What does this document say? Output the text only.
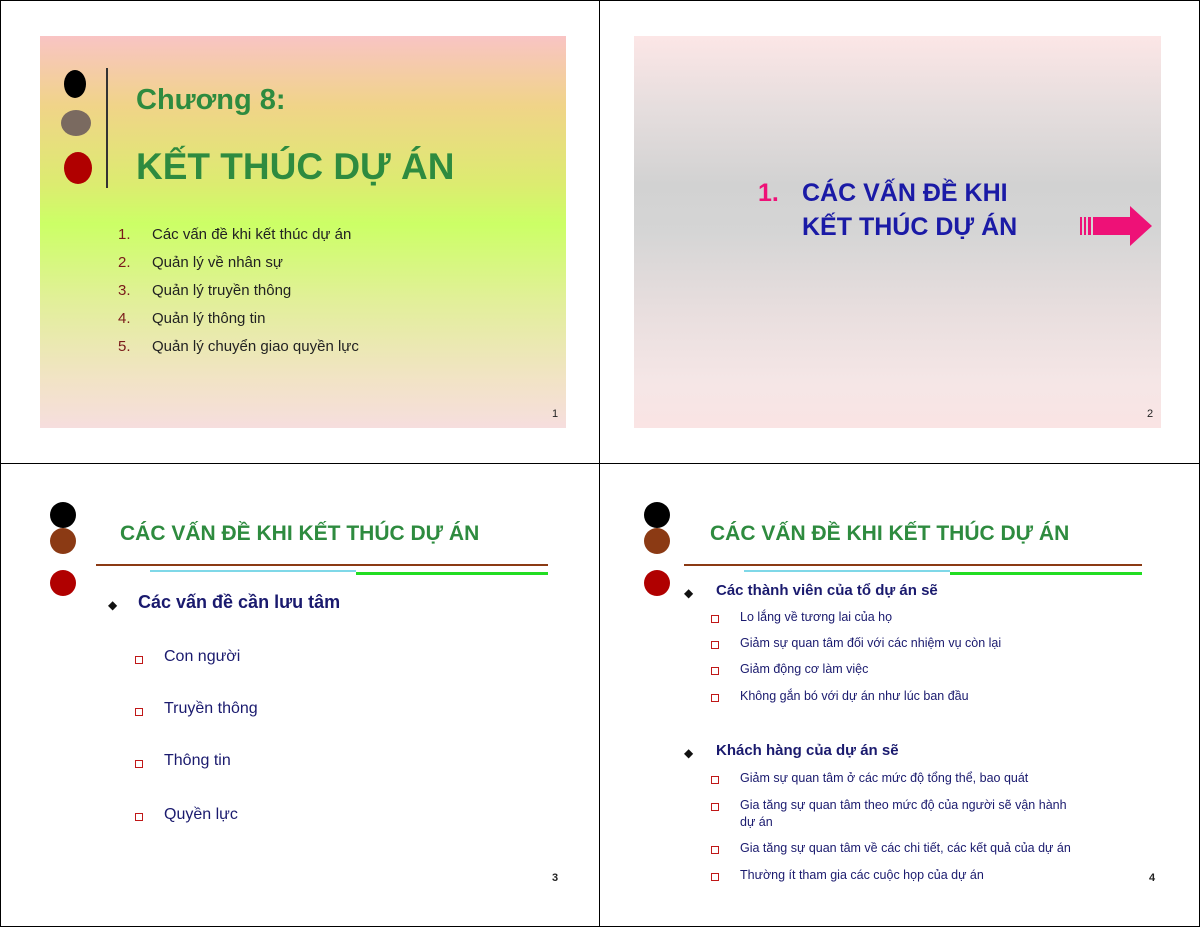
Chương 8:
KẾT THÚC DỰ ÁN
1. Các vấn đề khi kết thúc dự án
2. Quản lý về nhân sự
3. Quản lý truyền thông
4. Quản lý thông tin
5. Quản lý chuyển giao quyền lực
1
1. CÁC VẤN ĐỀ KHI
KẾT THÚC DỰ ÁN
2
CÁC VẤN ĐỀ KHI KẾT THÚC DỰ ÁN
◆ Các vấn đề cần lưu tâm
Con người
Truyền thông
Thông tin
Quyền lực
3
CÁC VẤN ĐỀ KHI KẾT THÚC DỰ ÁN
◆ Các thành viên của tổ dự án sẽ
Lo lắng về tương lai của họ
Giảm sự quan tâm đối với các nhiệm vụ còn lại
Giảm động cơ làm việc
Không gắn bó với dự án như lúc ban đầu
◆ Khách hàng của dự án sẽ
Giảm sự quan tâm ở các mức độ tổng thể, bao quát
Gia tăng sự quan tâm theo mức độ của người sẽ vận hành
dự án
Gia tăng sự quan tâm về các chi tiết, các kết quả của dự án
Thường ít tham gia các cuộc họp của dự án	4
